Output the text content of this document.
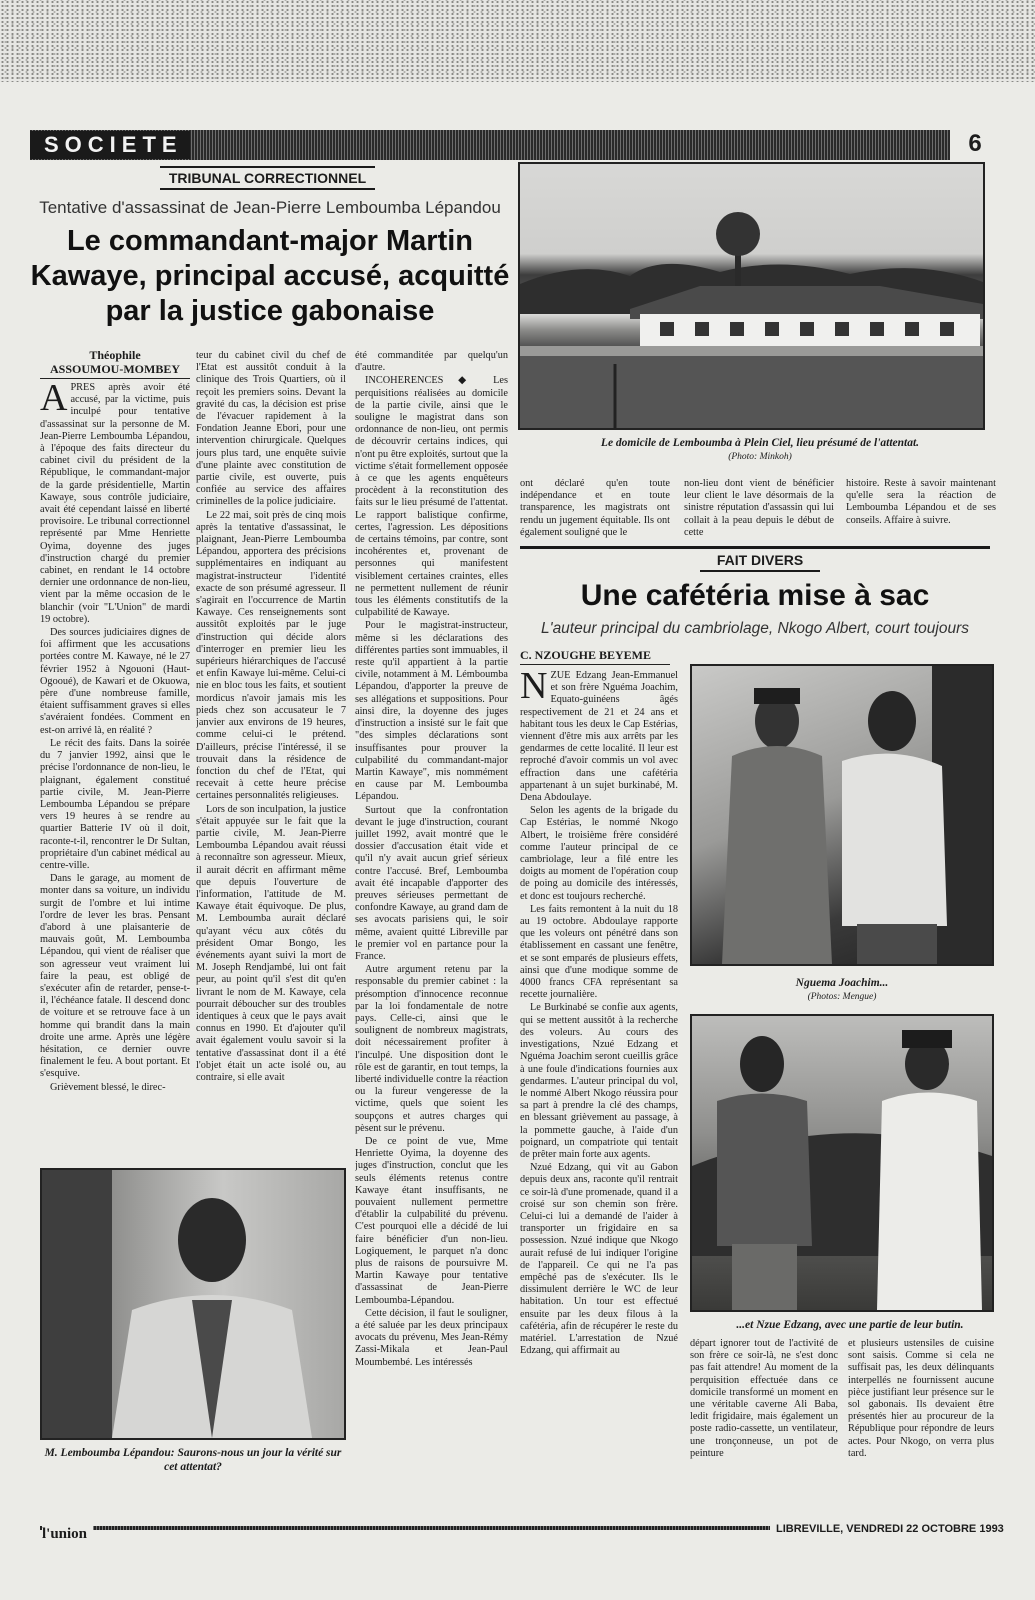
SOCIETE	6
TRIBUNAL CORRECTIONNEL
Tentative d'assassinat de Jean-Pierre Lemboumba Lépandou
Le commandant-major Martin Kawaye, principal accusé, acquitté par la justice gabonaise
Théophile
ASSOUMOU-MOMBEY

APRES après avoir été accusé, par la victime, puis inculpé pour tentative d'assassinat sur la personne de M. Jean-Pierre Lemboumba Lépandou, à l'époque des faits directeur du cabinet civil du président de la République, le commandant-major de la garde présidentielle, Martin Kawaye, sous contrôle judiciaire, avait été cependant laissé en liberté provisoire. Le tribunal correctionnel représenté par Mme Henriette Oyima, doyenne des juges d'instruction chargé du premier cabinet, en rendant le 14 octobre dernier une ordonnance de non-lieu, vient par la même occasion de le blanchir (voir "L'Union" de mardi 19 octobre).

Des sources judiciaires dignes de foi affirment que les accusations portées contre M. Kawaye, né le 27 février 1952 à Ngouoni (Haut-Ogooué), de Kawari et de Okuowa, père d'une nombreuse famille, étaient suffisamment graves si elles s'avéraient fondées. Comment en est-on arrivé là, en réalité ?

Le récit des faits. Dans la soirée du 7 janvier 1992, ainsi que le précise l'ordonnance de non-lieu, le plaignant, également constitué partie civile, M. Jean-Pierre Lemboumba Lépandou se prépare vers 19 heures à se rendre au quartier Batterie IV où il doit, raconte-t-il, rencontrer le Dr Sultan, propriétaire d'un cabinet médical au centre-ville.

Dans le garage, au moment de monter dans sa voiture, un individu surgit de l'ombre et lui intime l'ordre de lever les bras. Pensant d'abord à une plaisanterie de mauvais goût, M. Lemboumba Lépandou, qui vient de réaliser que son agresseur veut vraiment lui faire la peau, est obligé de s'exécuter afin de retarder, pense-t-il, l'échéance fatale. Il descend donc de voiture et se retrouve face à un homme qui brandit dans la main droite une arme. Après une légère hésitation, ce dernier ouvre finalement le feu. A bout portant. Et s'esquive.

Grièvement blessé, le direc-

teur du cabinet civil du chef de l'Etat est aussitôt conduit à la clinique des Trois Quartiers, où il reçoit les premiers soins. Devant la gravité du cas, la décision est prise de l'évacuer rapidement à la Fondation Jeanne Ebori, pour une intervention chirurgicale. Quelques jours plus tard, une enquête suivie d'une plainte avec constitution de partie civile, est ouverte, puis confiée au service des affaires criminelles de la police judiciaire.

Le 22 mai, soit près de cinq mois après la tentative d'assassinat, le plaignant, Jean-Pierre Lemboumba Lépandou, apportera des précisions supplémentaires en indiquant au magistrat-instructeur l'identité exacte de son présumé agresseur. Il s'agirait en l'occurrence de Martin Kawaye. Ces renseignements sont aussitôt exploités par le juge d'instruction qui décide alors d'interroger en premier lieu les supérieurs hiérarchiques de l'accusé et enfin Kawaye lui-même. Celui-ci nie en bloc tous les faits, et soutient mordicus n'avoir jamais mis les pieds chez son accusateur le 7 janvier aux environs de 19 heures, comme celui-ci le prétend. D'ailleurs, précise l'intéressé, il se trouvait dans la résidence de fonction du chef de l'Etat, qui recevait à cette heure précise certaines personnalités religieuses.

Lors de son inculpation, la justice s'était appuyée sur le fait que la partie civile, M. Jean-Pierre Lemboumba Lépandou avait réussi à reconnaître son agresseur. Mieux, il aurait décrit en affirmant même que depuis l'ouverture de l'information, l'attitude de M. Kawaye était équivoque. De plus, M. Lemboumba aurait déclaré qu'ayant vécu aux côtés du président Omar Bongo, les événements ayant suivi la mort de M. Joseph Rendjambé, lui ont fait peur, au point qu'il s'est dit qu'en livrant le nom de M. Kawaye, cela pourrait déboucher sur des troubles identiques à ceux que le pays avait connus en 1990. Et d'ajouter qu'il avait également voulu savoir si la tentative d'assassinat dont il a été l'objet était un acte isolé ou, au contraire, si elle avait

été commanditée par quelqu'un d'autre.

INCOHERENCES ◆ Les perquisitions réalisées au domicile de la partie civile, ainsi que le souligne le magistrat dans son ordonnance de non-lieu, ont permis de découvrir certains indices, qui n'ont pu être exploités, surtout que la victime s'était formellement opposée à ce que les agents enquêteurs procèdent à la reconstitution des faits sur le lieu présumé de l'attentat. Le rapport balistique confirme, certes, l'agression. Les dépositions de certains témoins, par contre, sont incohérentes et, provenant de personnes qui manifestent visiblement certaines craintes, elles ne permettent nullement de réunir tous les éléments constitutifs de la culpabilité de Kawaye.

Pour le magistrat-instructeur, même si les déclarations des différentes parties sont immuables, il reste qu'il appartient à la partie civile, notamment à M. Lémboumba Lépandou, d'apporter la preuve de ses allégations et suppositions. Pour ainsi dire, la doyenne des juges d'instruction a insisté sur le fait que "des simples déclarations sont insuffisantes pour prouver la culpabilité du commandant-major Martin Kawaye", mis nommément en cause par M. Lemboumba Lépandou.

Surtout que la confrontation devant le juge d'instruction, courant juillet 1992, avait montré que le dossier d'accusation était vide et qu'il n'y avait aucun grief sérieux contre l'accusé. Bref, Lemboumba avait été incapable d'apporter des preuves sérieuses permettant de confondre Kawaye, au grand dam de ses avocats parisiens qui, le soir même, avaient quitté Libreville par le premier vol en partance pour la France.

Autre argument retenu par la responsable du premier cabinet : la présomption d'innocence reconnue par la loi fondamentale de notre pays. Celle-ci, ainsi que le soulignent de nombreux magistrats, doit nécessairement profiter à l'inculpé. Une disposition dont le rôle est de garantir, en tout temps, la liberté individuelle contre la réaction ou la fureur vengeresse de la victime, quels que soient les soupçons et autres charges qui pèsent sur le prévenu.

De ce point de vue, Mme Henriette Oyima, la doyenne des juges d'instruction, conclut que les seuls éléments retenus contre Kawaye étant insuffisants, ne pouvaient nullement permettre d'établir la culpabilité du prévenu. C'est pourquoi elle a décidé de lui faire bénéficier d'un non-lieu. Logiquement, le parquet n'a donc plus de raisons de poursuivre M. Martin Kawaye pour tentative d'assassinat de Jean-Pierre Lemboumba-Lépandou.

Cette décision, il faut le souligner, a été saluée par les deux principaux avocats du prévenu, Mes Jean-Rémy Zassi-Mikala et Jean-Paul Moumbembé. Les intéressés

Le domicile de Lemboumba à Plein Ciel, lieu présumé de l'attentat.
(Photo: Minkoh)
ont déclaré qu'en toute indépendance et en toute transparence, les magistrats ont rendu un jugement équitable. Ils ont également souligné que le
non-lieu dont vient de bénéficier leur client le lave désormais de la sinistre réputation d'assassin qui lui collait à la peau depuis le début de cette
histoire. Reste à savoir maintenant qu'elle sera la réaction de Lemboumba Lépandou et de ses conseils. Affaire à suivre.
FAIT DIVERS
Une cafétéria mise à sac
L'auteur principal du cambriolage, Nkogo Albert, court toujours
C. NZOUGHE BEYEME

NZUE Edzang Jean-Emmanuel et son frère Nguéma Joachim, Equato-guinéens âgés respectivement de 21 et 24 ans et habitant tous les deux le Cap Estérias, viennent d'être mis aux arrêts par les gendarmes de cette localité. Il leur est reproché d'avoir commis un vol avec effraction dans une cafétéria appartenant à un sujet burkinabé, M. Dena Abdoulaye.

Selon les agents de la brigade du Cap Estérias, le nommé Nkogo Albert, le troisième frère considéré comme l'auteur principal de ce cambriolage, leur a filé entre les doigts au moment de l'opération coup de poing au domicile des intéressés, et donc est toujours recherché.

Les faits remontent à la nuit du 18 au 19 octobre. Abdoulaye rapporte que les voleurs ont pénétré dans son établissement en cassant une fenêtre, et se sont emparés de plusieurs effets, ainsi que d'une modique somme de 4000 francs CFA représentant sa recette journalière.

Le Burkinabé se confie aux agents, qui se mettent aussitôt à la recherche des voleurs. Au cours des investigations, Nzué Edzang et Nguéma Joachim seront cueillis grâce à une foule d'indications fournies aux gendarmes. L'auteur principal du vol, le nommé Albert Nkogo réussira pour sa part à prendre la clé des champs, en blessant grièvement au passage, à la pommette gauche, à l'aide d'un poignard, un compatriote qui tentait de prêter main forte aux agents.

Nzué Edzang, qui vit au Gabon depuis deux ans, raconte qu'il rentrait ce soir-là d'une promenade, quand il a croisé sur son chemin son frère. Celui-ci lui a demandé de l'aider à transporter un frigidaire en sa possession. Nzué indique que Nkogo aurait refusé de lui indiquer l'origine de l'appareil. Ce qui ne l'a pas empêché pas de s'exécuter. Ils le dissimulent derrière le WC de leur habitation. Un tour est effectué ensuite par les deux filous à la cafétéria, afin de récupérer le reste du matériel. L'arrestation de Nzué Edzang, qui affirmait au

Nguema Joachim...
(Photos: Mengue)
...et Nzue Edzang, avec une partie de leur butin.
départ ignorer tout de l'activité de son frère ce soir-là, ne s'est donc pas fait attendre! Au moment de la perquisition effectuée dans ce domicile transformé un moment en une véritable caverne Ali Baba, ledit frigidaire, mais également un poste radio-cassette, un ventilateur, une tronçonneuse, un pot de peinture
et plusieurs ustensiles de cuisine sont saisis. Comme si cela ne suffisait pas, les deux délinquants interpellés ne fournissent aucune pièce justifiant leur présence sur le sol gabonais. Ils devaient être présentés hier au procureur de la République pour répondre de leurs actes. Pour Nkogo, on verra plus tard.
M. Lemboumba Lépandou: Saurons-nous un jour la vérité sur cet attentat?
l'union	LIBREVILLE, VENDREDI 22 OCTOBRE 1993
